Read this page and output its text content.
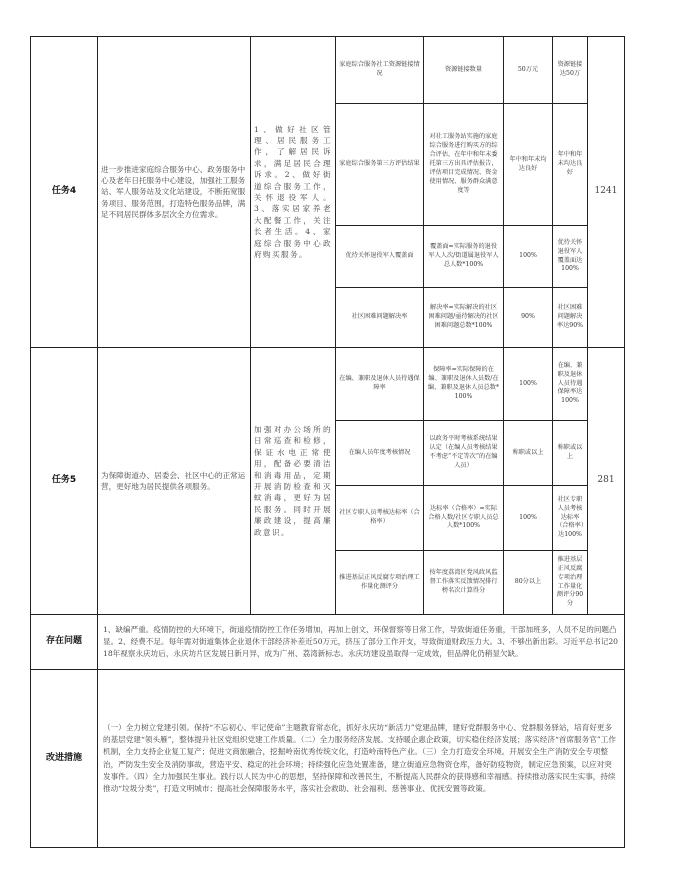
任务4	进一步推进家庭综合服务中心、政务服务中心及老年日托服务中心建设，加强社工服务站、军人服务站及文化站建设，不断拓宽服务项目、服务范围，打造特色服务品牌，满足不同居民群体多层次全方位需求。	1、做好社区管理、居民服务工作，了解居民诉求，满足居民合理诉求。2、做好街道综合服务工作，关怀退役军人。3、落实居家养老大配餐工作，关注长者生活。4、家庭综合服务中心政府购买服务。	家庭综合服务社工资源链接情况	资源链接数量	50万元	资源链接达50万	1241
			家庭综合服务第三方评估结果	对社工服务站实施的家庭综合服务进行购买方的综合评估，在年中和年末委托第三方出具评估报告，评估项目完成情况、资金使用情况、服务群众满意度等	年中和年末均达良好	年中和年末均达良好	
			优待关怀退役军人覆盖面	覆盖面=实际服务的退役军人人次/街道属退役军人总人数*100%	100%	优待关怀退役军人覆盖面达100%	
			社区困难问题解决率	解决率=实际解决的社区困难问题/亟待解决的社区困难问题总数*100%	90%	社区困难问题解决率达90%	
任务5	为保障街道办、居委会、社区中心的正常运营，更好地为居民提供各项服务。	加强对办公场所的日常巡查和检修，保证水电正常使用，配备必要清洁和消毒用品，定期开展消防检查和灭蚊消毒，更好为居民服务。同时开展廉政建设，提高廉政意识。	在编、兼职及退休人员待遇保障率	保障率=实际保障的在编、兼职及退休人员数/在编、兼职及退休人员总数*100%	100%	在编、兼职及退休人员待遇保障率达100%	281
			在编人员年度考核情况	以政务平时考核系统结果认定（在编人员考核结果不考虑“不定等次”的在编人员）	称职或以上	称职或以上	
			社区专职人员考核达标率（合格率）	达标率（合格率）=实际合格人数/社区专职人员总人数*100%	100%	社区专职人员考核达标率（合格率）达100%	
			推进基层正风反腐专项治理工作量化测评分	按年度荔湾区党风政风监督工作落实反馈情况排行榜名次计算得分	80分以上	推进基层正风反腐专项治理工作量化测评分90分	
存在问题	1、缺编严重。疫情防控的大环境下，街道疫情防控工作任务增加，再加上创文、环保督察等日常工作，导致街道任务重，干部加班多，人员不足的问题凸显。2、经费不足。每年需对街道集体企业退休干部经济补差近50万元，挤压了部分工作开支，导致街道财政压力大。3、不够出新出彩。习近平总书记2018年视察永庆坊后，永庆坊片区发展日新月异，成为广州、荔湾新标志。永庆坊建设虽取得一定成效，但品牌化仍稍显欠缺。						
改进措施	（一）全力树立党建引领。保持“不忘初心、牢记使命”主题教育常态化，抓好永庆坊“新活力”党建品牌，建好党群服务中心、党群服务驿站，培育好更多的基层党建“领头雁”，整体提升社区党组织党建工作质量。（二）全力服务经济发展。支持暖企惠企政策，切实稳住经济发展；落实经济“首席服务官”工作机制，全力支持企业复工复产；促进文商旅融合，挖掘岭南优秀传统文化，打造岭南特色产业。（三）全力打造安全环境。开展安全生产消防安全专项整治，严防发生安全及消防事故，营造平安、稳定的社会环境；持续强化应急处置准备，建立街道应急物资仓库，备好防疫物资，制定应急预案，以应对突发事件。（四）全力加强民生事业。践行以人民为中心的思想，坚持保障和改善民生，不断提高人民群众的获得感和幸福感。持续推动落实民生实事，持续推动“垃圾分类”，打造文明城市；提高社会保障服务水平，落实社会救助、社会福利、慈善事业、优抚安置等政策。						
